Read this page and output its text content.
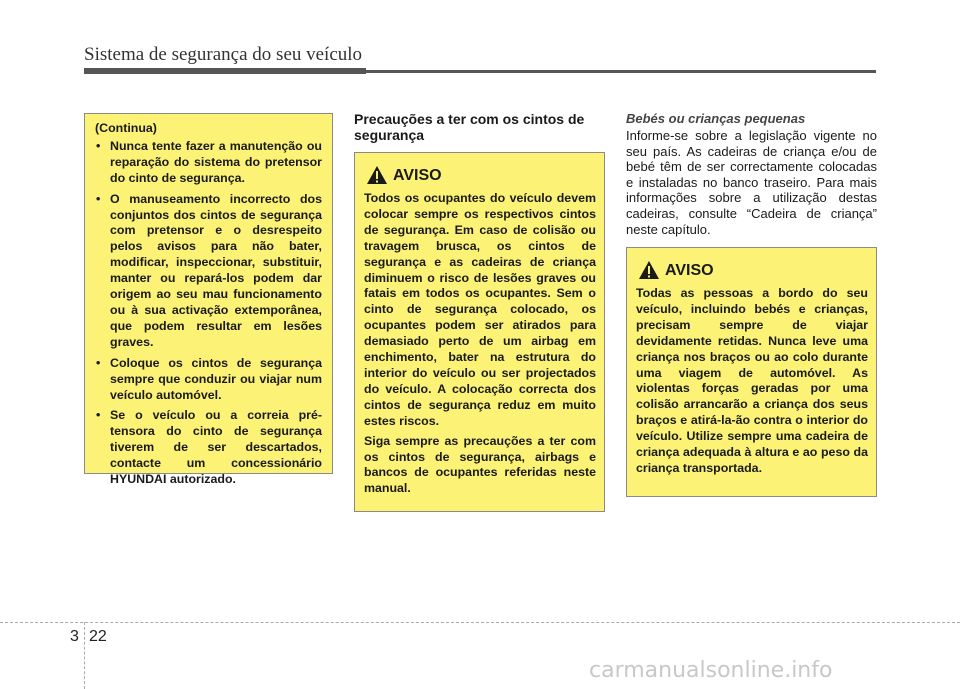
Sistema de segurança do seu veículo

(Continua)

• Nunca tente fazer a manutenção ou reparação do sistema do pretensor do cinto de segurança.
• O manuseamento incorrecto dos conjuntos dos cintos de segurança com pretensor e o desrespeito pelos avisos para não bater, modificar, inspeccionar, substituir, manter ou repará-los podem dar origem ao seu mau funcionamento ou à sua activação extemporânea, que podem resultar em lesões graves.
• Coloque os cintos de segurança sempre que conduzir ou viajar num veículo automóvel.
• Se o veículo ou a correia pré-tensora do cinto de segurança tiverem de ser descartados, contacte um concessionário HYUNDAI autorizado.
Precauções a ter com os cintos de segurança
AVISO

Todos os ocupantes do veículo devem colocar sempre os respectivos cintos de segurança. Em caso de colisão ou travagem brusca, os cintos de segurança e as cadeiras de criança diminuem o risco de lesões graves ou fatais em todos os ocupantes. Sem o cinto de segurança colocado, os ocupantes podem ser atirados para demasiado perto de um airbag em enchimento, bater na estrutura do interior do veículo ou ser projectados do veículo. A colocação correcta dos cintos de segurança reduz em muito estes riscos.

Siga sempre as precauções a ter com os cintos de segurança, airbags e bancos de ocupantes referidas neste manual.

Bebés ou crianças pequenas

Informe-se sobre a legislação vigente no seu país. As cadeiras de criança e/ou de bebé têm de ser correctamente colocadas e instaladas no banco traseiro. Para mais informações sobre a utilização destas cadeiras, consulte “Cadeira de criança” neste capítulo.

AVISO

Todas as pessoas a bordo do seu veículo, incluindo bebés e crianças, precisam sempre de viajar devidamente retidas. Nunca leve uma criança nos braços ou ao colo durante uma viagem de automóvel. As violentas forças geradas por uma colisão arrancarão a criança dos seus braços e atirá-la-ão contra o interior do veículo. Utilize sempre uma cadeira de criança adequada à altura e ao peso da criança transportada.

3 22
carmanualsonline.info
